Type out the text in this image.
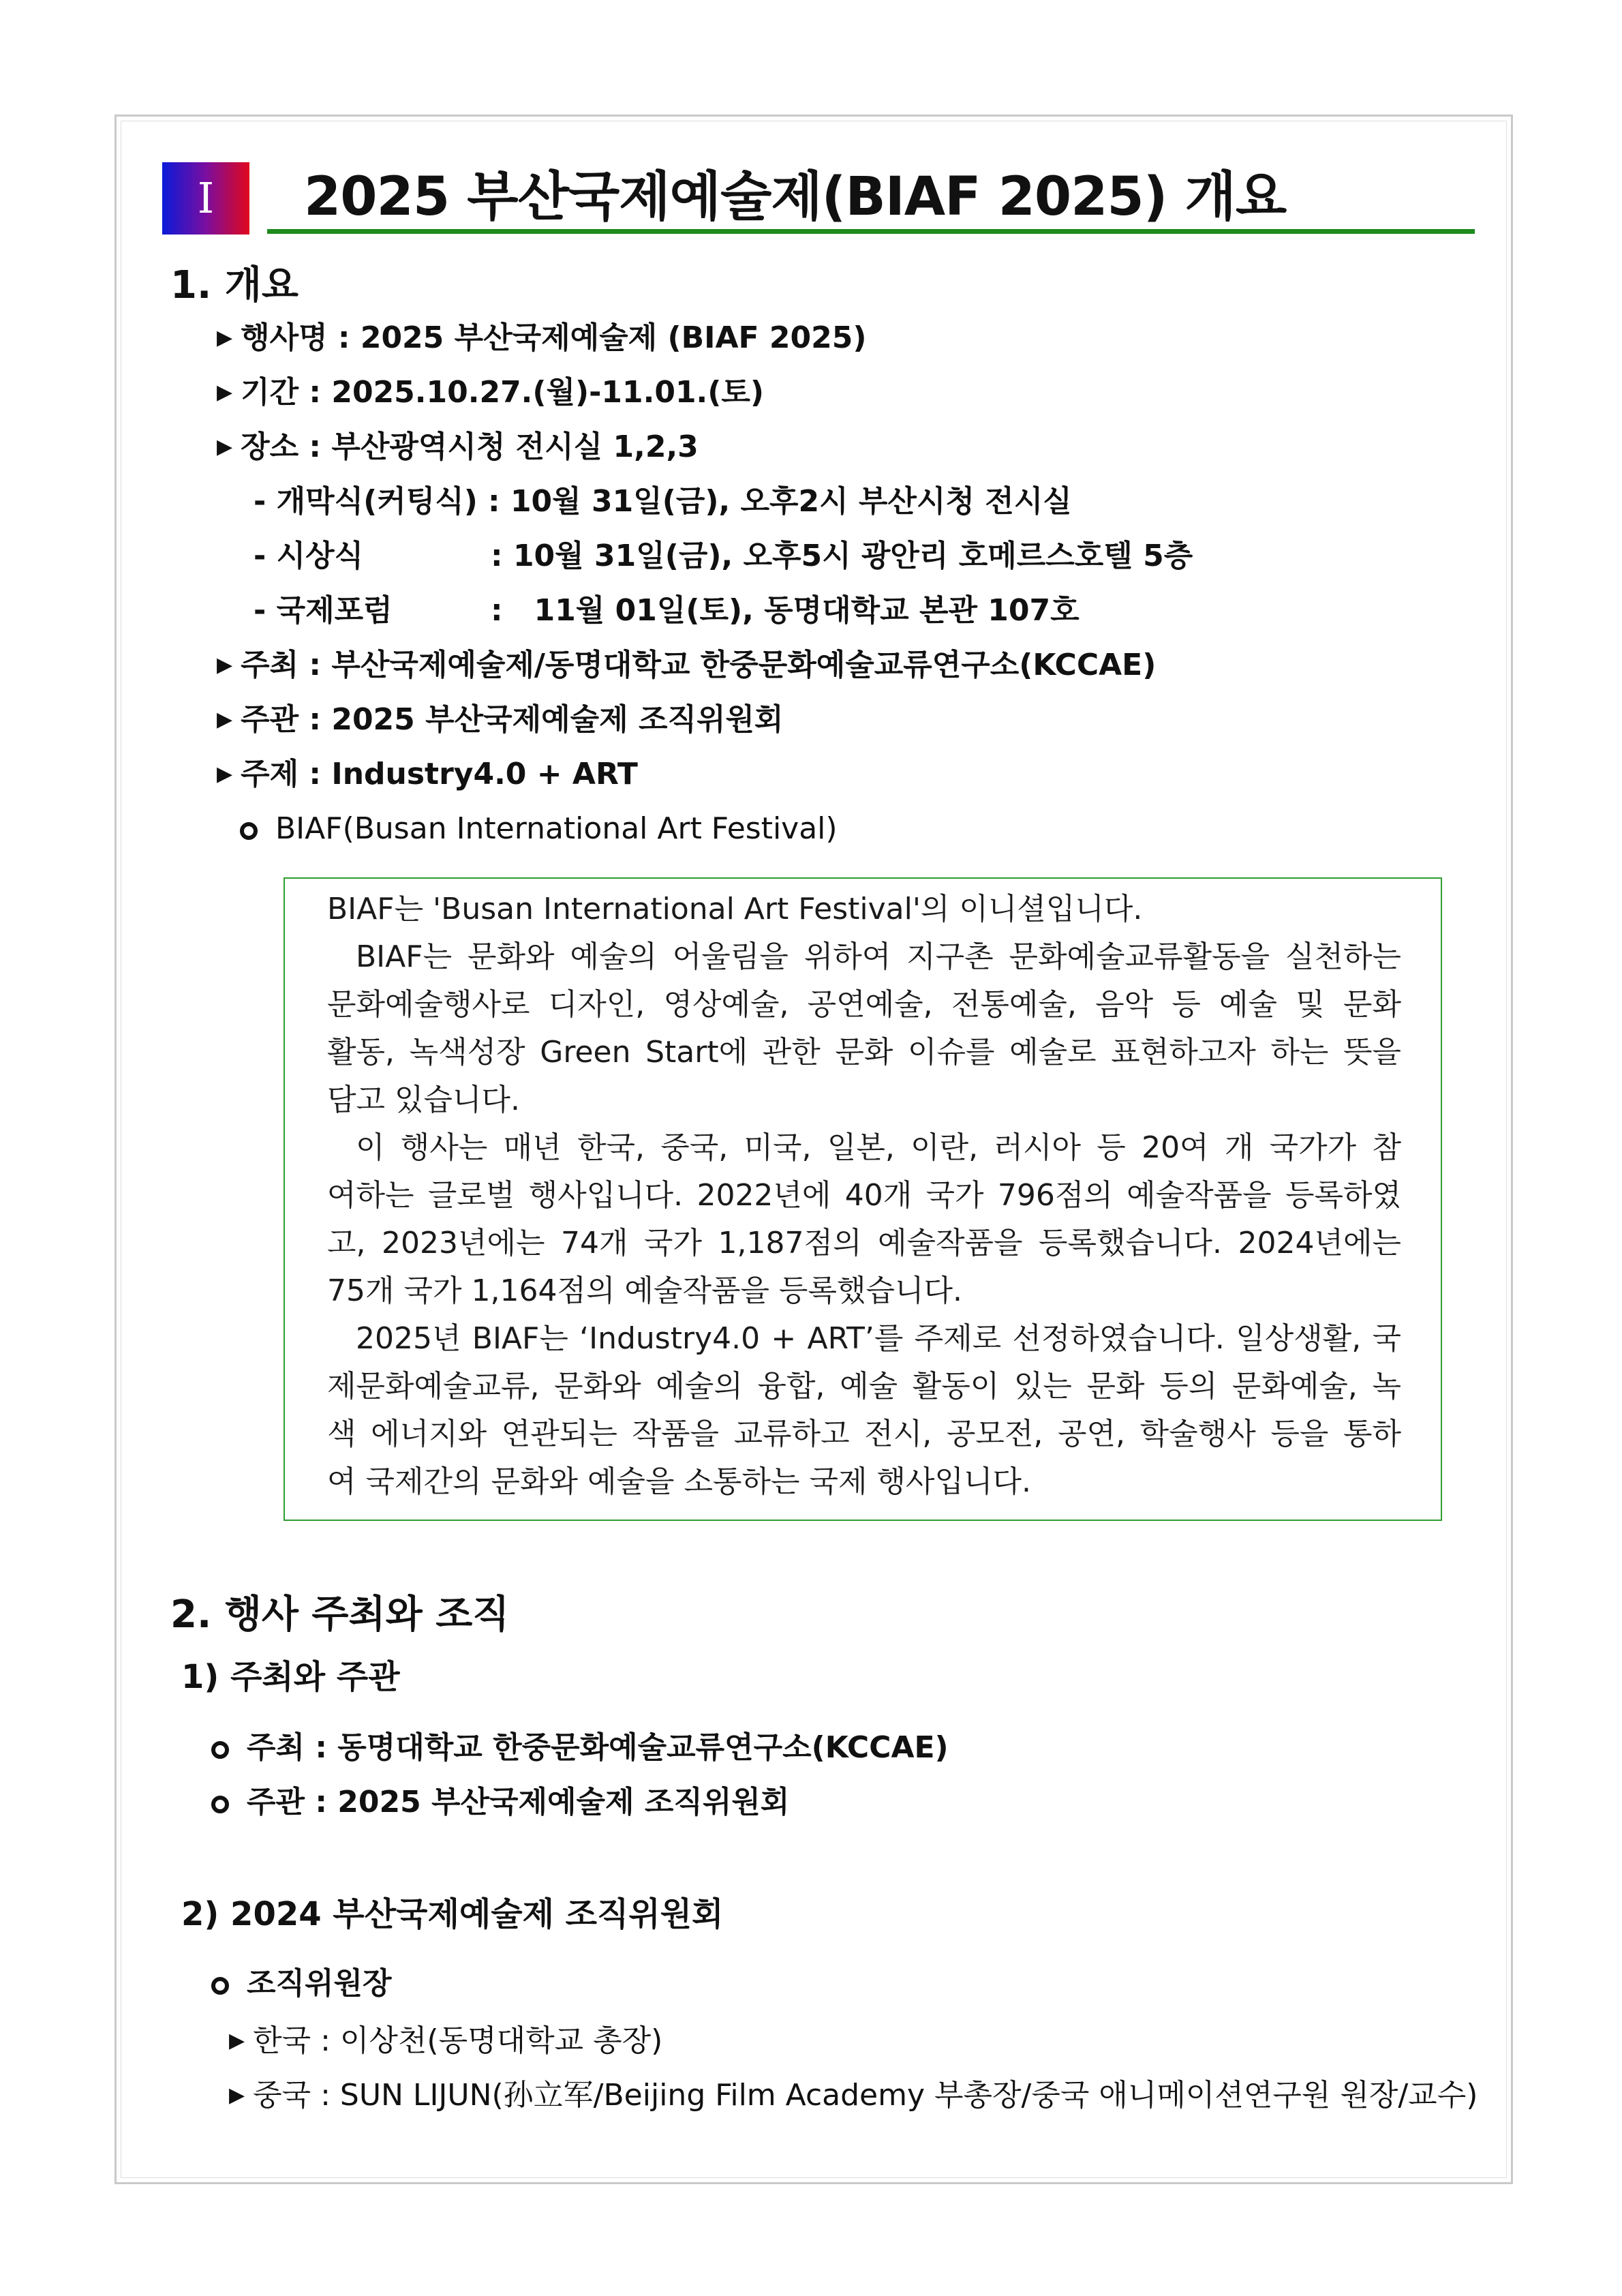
I	2025 부산국제예술제(BIAF 2025) 개요
1. 개요
▶ 행사명 : 2025 부산국제예술제 (BIAF 2025)
▶ 기간 : 2025.10.27.(월)-11.01.(토)
▶ 장소 : 부산광역시청 전시실 1,2,3
- 개막식(커팅식) : 10월 31일(금), 오후2시 부산시청 전시실
- 시상식	: 10월 31일(금), 오후5시 광안리 호메르스호텔 5층
- 국제포럼	: 11월 01일(토), 동명대학교 본관 107호
▶ 주최 : 부산국제예술제/동명대학교 한중문화예술교류연구소(KCCAE)
▶ 주관 : 2025 부산국제예술제 조직위원회
▶ 주제 : Industry4.0 + ART
BIAF(Busan International Art Festival)
BIAF는 'Busan International Art Festival'의 이니셜입니다.
BIAF는 문화와 예술의 어울림을 위하여 지구촌 문화예술교류활동을 실천하는
문화예술행사로 디자인, 영상예술, 공연예술, 전통예술, 음악 등 예술 및 문화
활동, 녹색성장 Green Start에 관한 문화 이슈를 예술로 표현하고자 하는 뜻을
담고 있습니다.
이 행사는 매년 한국, 중국, 미국, 일본, 이란, 러시아 등 20여 개 국가가 참
여하는 글로벌 행사입니다. 2022년에 40개 국가 796점의 예술작품을 등록하였
고, 2023년에는 74개 국가 1,187점의 예술작품을 등록했습니다. 2024년에는
75개 국가 1,164점의 예술작품을 등록했습니다.
2025년 BIAF는 ‘Industry4.0 + ART’를 주제로 선정하였습니다. 일상생활, 국
제문화예술교류, 문화와 예술의 융합, 예술 활동이 있는 문화 등의 문화예술, 녹
색 에너지와 연관되는 작품을 교류하고 전시, 공모전, 공연, 학술행사 등을 통하
여 국제간의 문화와 예술을 소통하는 국제 행사입니다.
2. 행사 주최와 조직
1) 주최와 주관
주최 : 동명대학교 한중문화예술교류연구소(KCCAE)
주관 : 2025 부산국제예술제 조직위원회
2) 2024 부산국제예술제 조직위원회
조직위원장
▶ 한국 : 이상천(동명대학교 총장)
▶ 중국 : SUN LIJUN(孙立军/Beijing Film Academy 부총장/중국 애니메이션연구원 원장/교수)
